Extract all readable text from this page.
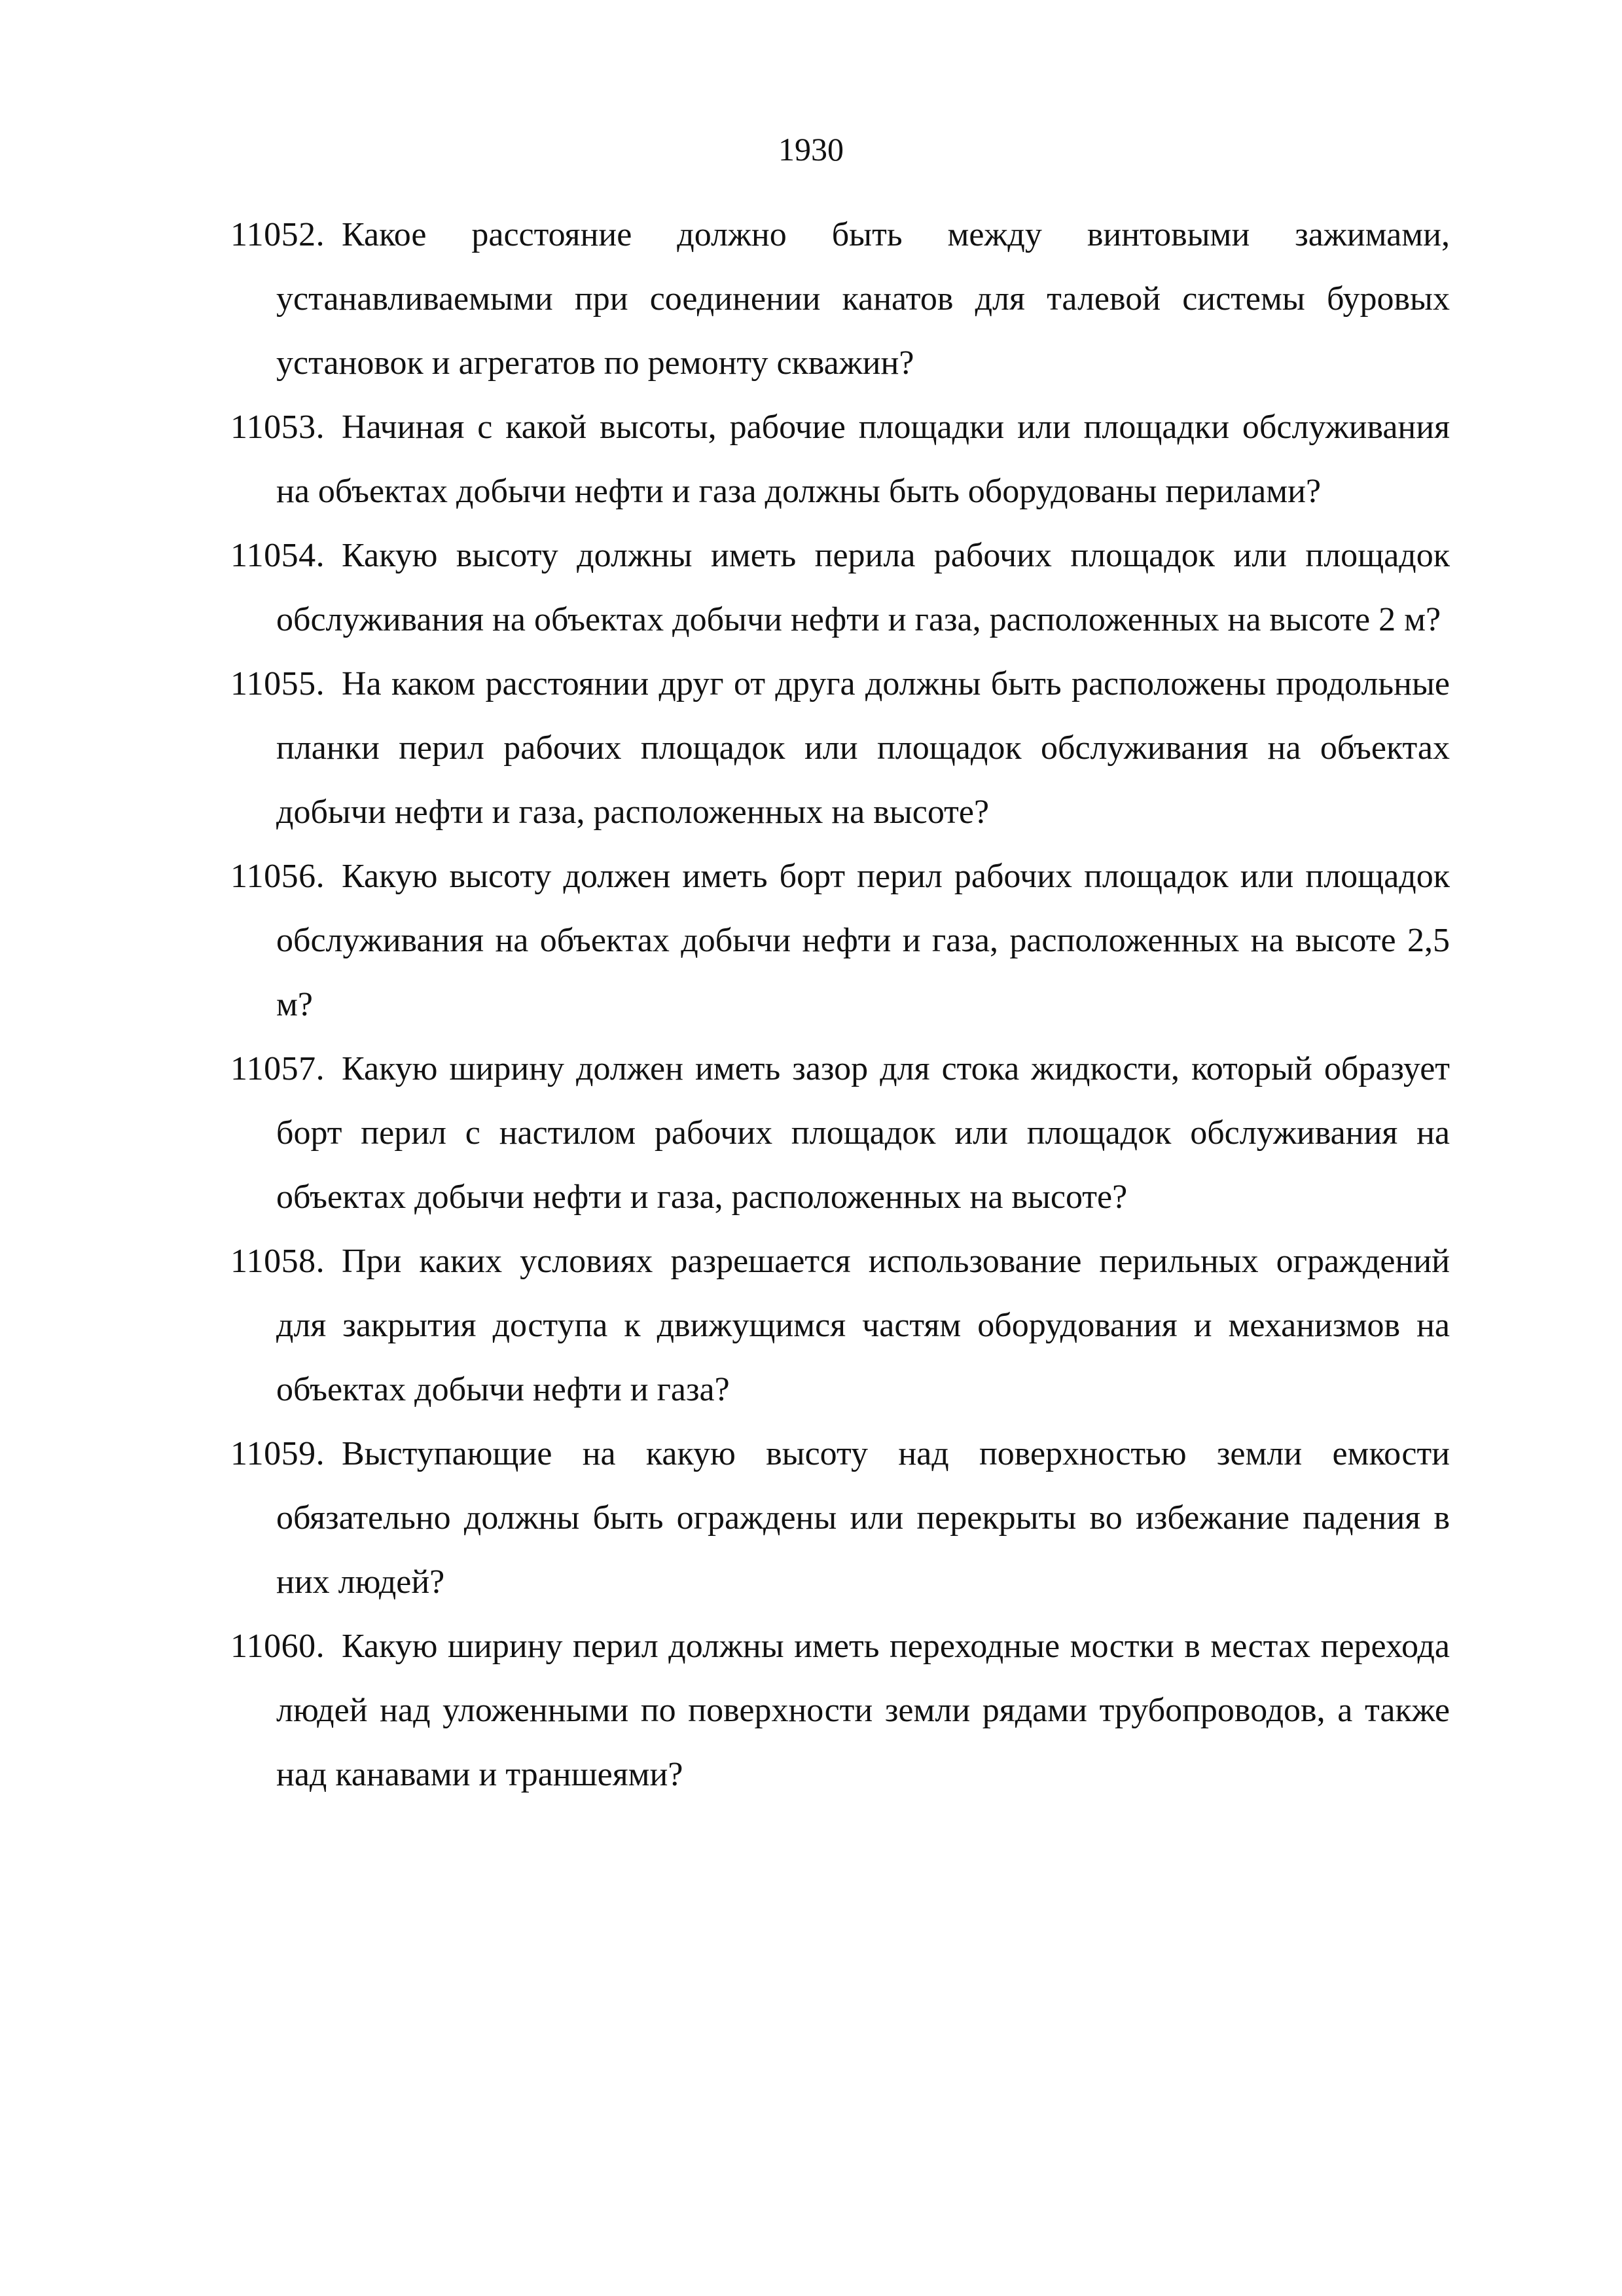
1930
11052. Какое расстояние должно быть между винтовыми зажимами, устанавливаемыми при соединении канатов для талевой системы буровых установок и агрегатов по ремонту скважин?

11053. Начиная с какой высоты, рабочие площадки или площадки обслуживания на объектах добычи нефти и газа должны быть оборудованы перилами?

11054. Какую высоту должны иметь перила рабочих площадок или площадок обслуживания на объектах добычи нефти и газа, расположенных на высоте 2 м?

11055. На каком расстоянии друг от друга должны быть расположены продольные планки перил рабочих площадок или площадок обслуживания на объектах добычи нефти и газа, расположенных на высоте?

11056. Какую высоту должен иметь борт перил рабочих площадок или площадок обслуживания на объектах добычи нефти и газа, расположенных на высоте 2,5 м?

11057. Какую ширину должен иметь зазор для стока жидкости, который образует борт перил с настилом рабочих площадок или площадок обслуживания на объектах добычи нефти и газа, расположенных на высоте?

11058. При каких условиях разрешается использование перильных ограждений для закрытия доступа к движущимся частям оборудования и механизмов на объектах добычи нефти и газа?

11059. Выступающие на какую высоту над поверхностью земли емкости обязательно должны быть ограждены или перекрыты во избежание падения в них людей?

11060. Какую ширину перил должны иметь переходные мостки в местах перехода людей над уложенными по поверхности земли рядами трубопроводов, а также над канавами и траншеями?
